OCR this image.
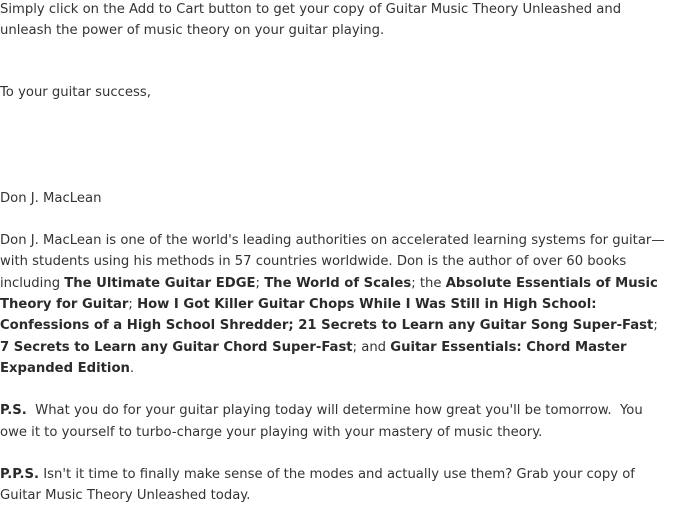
Simply click on the Add to Cart button to get your copy of Guitar Music Theory Unleashed and unleash the power of music theory on your guitar playing.

To your guitar success,

Don J. MacLean

Don J. MacLean is one of the world's leading authorities on accelerated learning systems for guitar—with students using his methods in 57 countries worldwide. Don is the author of over 60 books including The Ultimate Guitar EDGE; The World of Scales; the Absolute Essentials of Music Theory for Guitar; How I Got Killer Guitar Chops While I Was Still in High School: Confessions of a High School Shredder; 21 Secrets to Learn any Guitar Song Super-Fast; 7 Secrets to Learn any Guitar Chord Super-Fast; and Guitar Essentials: Chord Master Expanded Edition.

P.S.  What you do for your guitar playing today will determine how great you'll be tomorrow.  You owe it to yourself to turbo-charge your playing with your mastery of music theory.

P.P.S. Isn't it time to finally make sense of the modes and actually use them? Grab your copy of Guitar Music Theory Unleashed today.
